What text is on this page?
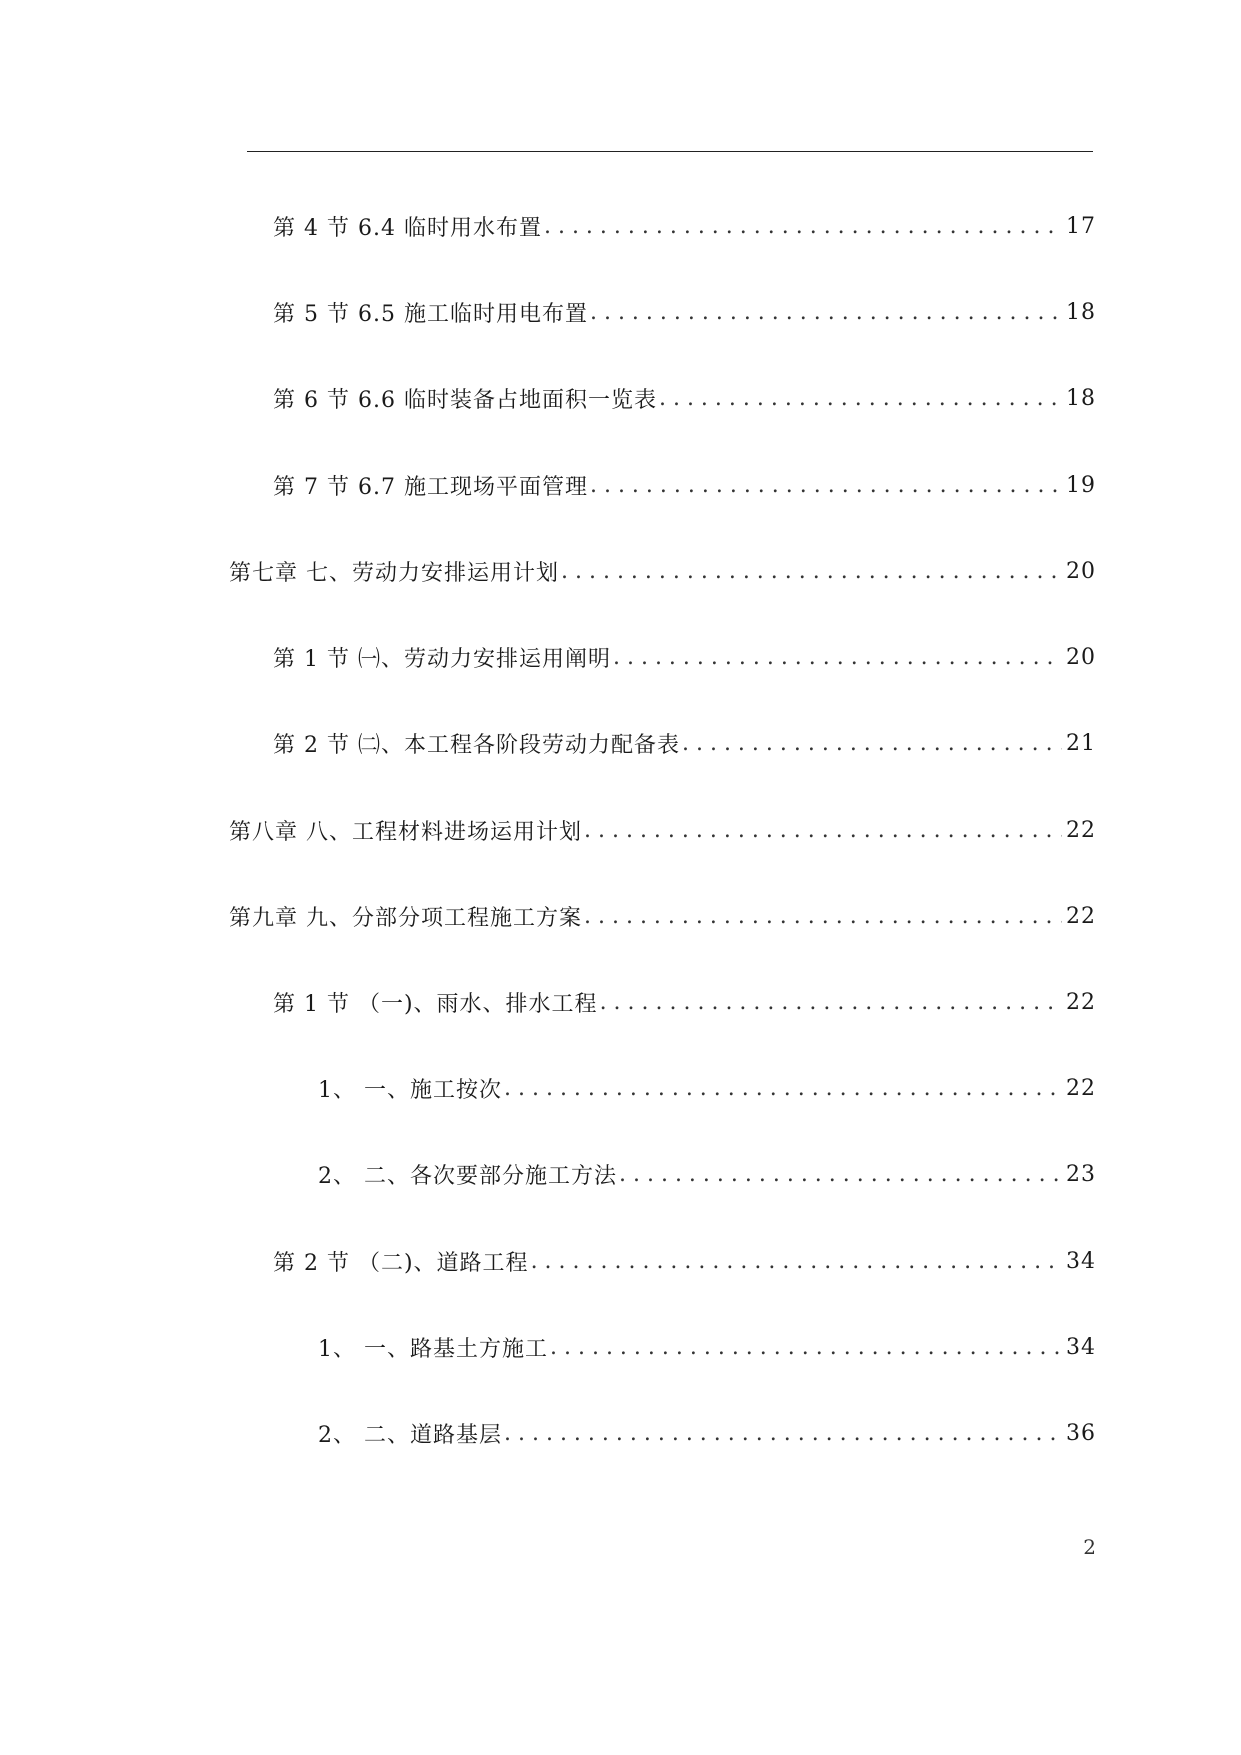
第 4 节 6.4 临时用水布置 . . .	17
第 5 节 6.5 施工临时用电布置 . . .	18
第 6 节 6.6 临时装备占地面积一览表 . . .	18
第 7 节 6.7 施工现场平面管理 . . .	19
第七章 七、劳动力安排运用计划 . . .	20
第 1 节 ㈠、劳动力安排运用阐明 . . .	20
第 2 节 ㈡、本工程各阶段劳动力配备表 . . .	21
第八章 八、工程材料进场运用计划 . . .	22
第九章 九、分部分项工程施工方案 . . .	22
第 1 节 （一)、雨水、排水工程 . . .	22
1、 一、施工按次 . . .	22
2、 二、各次要部分施工方法 . . .	23
第 2 节 （二)、道路工程 . . .	34
1、 一、路基土方施工 . . .	34
2、 二、道路基层 . . .	36
2
